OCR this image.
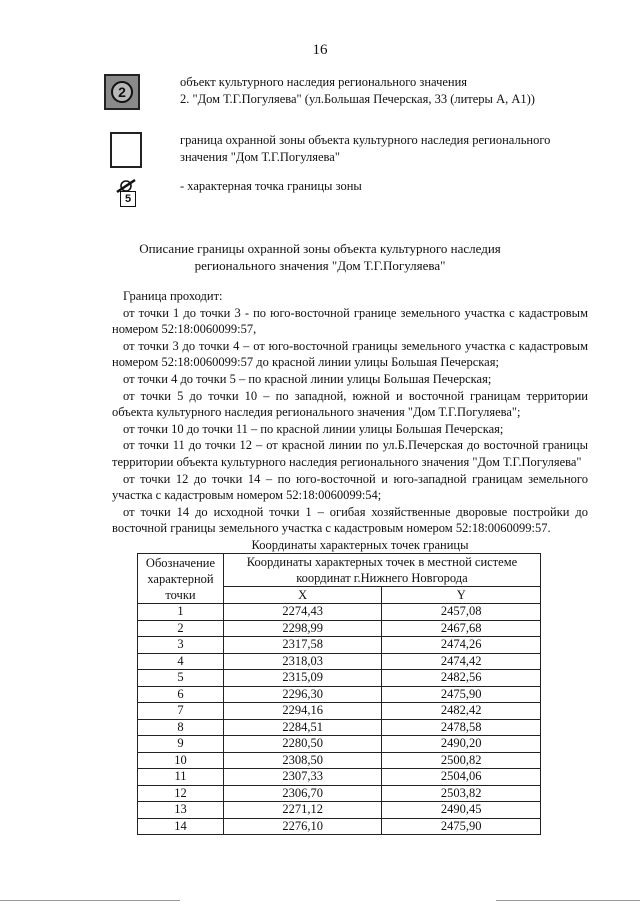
16
2
объект культурного наследия регионального значения
2. "Дом Т.Г.Погуляева" (ул.Большая Печерская, 33 (литеры А, А1))
граница охранной зоны объекта культурного наследия регионального значения "Дом Т.Г.Погуляева"
5
- характерная точка границы зоны
Описание границы охранной зоны объекта культурного наследия
регионального значения "Дом Т.Г.Погуляева"

Граница проходит:

от точки 1 до точки 3 - по юго-восточной границе земельного участка с кадастровым номером 52:18:0060099:57,

от точки 3 до точки 4 – от юго-восточной границы земельного участка с кадастровым номером 52:18:0060099:57 до красной линии улицы Большая Печерская;

от точки 4 до точки 5 – по красной линии улицы Большая Печерская;

от точки 5 до точки 10 – по западной, южной и восточной границам территории объекта культурного наследия регионального значения "Дом Т.Г.Погуляева";

от точки 10 до точки 11 – по красной линии улицы Большая Печерская;

от точки 11 до точки 12 – от красной линии по ул.Б.Печерская до восточной границы территории объекта культурного наследия регионального значения "Дом Т.Г.Погуляева"

от точки 12 до точки 14 – по юго-восточной и юго-западной границам земельного участка с кадастровым номером 52:18:0060099:54;

от точки 14 до исходной точки 1 – огибая хозяйственные дворовые постройки до восточной границы земельного участка с кадастровым номером 52:18:0060099:57.

Координаты характерных точек границы
Обозначение характерной точки	Координаты характерных точек в местной системе координат г.Нижнего Новгорода	
	X	Y
1	2274,43	2457,08
2	2298,99	2467,68
3	2317,58	2474,26
4	2318,03	2474,42
5	2315,09	2482,56
6	2296,30	2475,90
7	2294,16	2482,42
8	2284,51	2478,58
9	2280,50	2490,20
10	2308,50	2500,82
11	2307,33	2504,06
12	2306,70	2503,82
13	2271,12	2490,45
14	2276,10	2475,90
